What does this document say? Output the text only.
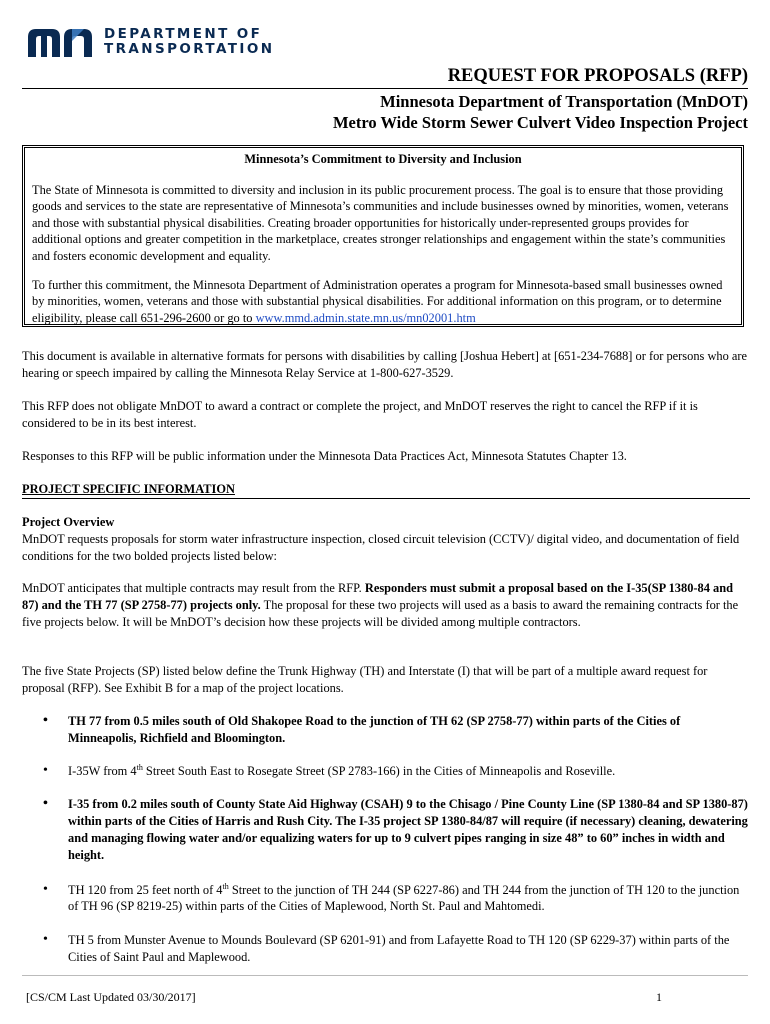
DEPARTMENT OF
TRANSPORTATION
REQUEST FOR PROPOSALS (RFP)
Minnesota Department of Transportation (MnDOT)
Metro Wide Storm Sewer Culvert Video Inspection Project
Minnesota’s Commitment to Diversity and Inclusion

The State of Minnesota is committed to diversity and inclusion in its public procurement process. The goal is to ensure that those providing goods and services to the state are representative of Minnesota’s communities and include businesses owned by minorities, women, veterans and those with substantial physical disabilities. Creating broader opportunities for historically under-represented groups provides for additional options and greater competition in the marketplace, creates stronger relationships and engagement within the state’s communities and fosters economic development and equality.

To further this commitment, the Minnesota Department of Administration operates a program for Minnesota-based small businesses owned by minorities, women, veterans and those with substantial physical disabilities. For additional information on this program, or to determine eligibility, please call 651-296-2600 or go to www.mmd.admin.state.mn.us/mn02001.htm

This document is available in alternative formats for persons with disabilities by calling [Joshua Hebert] at [651-234-7688] or for persons who are hearing or speech impaired by calling the Minnesota Relay Service at 1-800-627-3529.
This RFP does not obligate MnDOT to award a contract or complete the project, and MnDOT reserves the right to cancel the RFP if it is considered to be in its best interest.
Responses to this RFP will be public information under the Minnesota Data Practices Act, Minnesota Statutes Chapter 13.
PROJECT SPECIFIC INFORMATION

Project Overview

MnDOT requests proposals for storm water infrastructure inspection, closed circuit television (CCTV)/ digital video, and documentation of field conditions for the two bolded projects listed below:

MnDOT anticipates that multiple contracts may result from the RFP. Responders must submit a proposal based on the I-35(SP 1380-84 and 87) and the TH 77 (SP 2758-77) projects only. The proposal for these two projects will used as a basis to award the remaining contracts for the five projects below. It will be MnDOT’s decision how these projects will be divided among multiple contractors.

The five State Projects (SP) listed below define the Trunk Highway (TH) and Interstate (I) that will be part of a multiple award request for proposal (RFP). See Exhibit B for a map of the project locations.
• TH 77 from 0.5 miles south of Old Shakopee Road to the junction of TH 62 (SP 2758-77) within parts of the Cities of Minneapolis, Richfield and Bloomington.
• I-35W from 4th Street South East to Rosegate Street (SP 2783-166) in the Cities of Minneapolis and Roseville.
• I-35 from 0.2 miles south of County State Aid Highway (CSAH) 9 to the Chisago / Pine County Line (SP 1380-84 and SP 1380-87) within parts of the Cities of Harris and Rush City. The I-35 project SP 1380-84/87 will require (if necessary) cleaning, dewatering and managing flowing water and/or equalizing waters for up to 9 culvert pipes ranging in size 48” to 60” inches in width and height.
• TH 120 from 25 feet north of 4th Street to the junction of TH 244 (SP 6227-86) and TH 244 from the junction of TH 120 to the junction of TH 96 (SP 8219-25) within parts of the Cities of Maplewood, North St. Paul and Mahtomedi.
• TH 5 from Munster Avenue to Mounds Boulevard (SP 6201-91) and from Lafayette Road to TH 120 (SP 6229-37) within parts of the Cities of Saint Paul and Maplewood.
[CS/CM Last Updated 03/30/2017]	1
